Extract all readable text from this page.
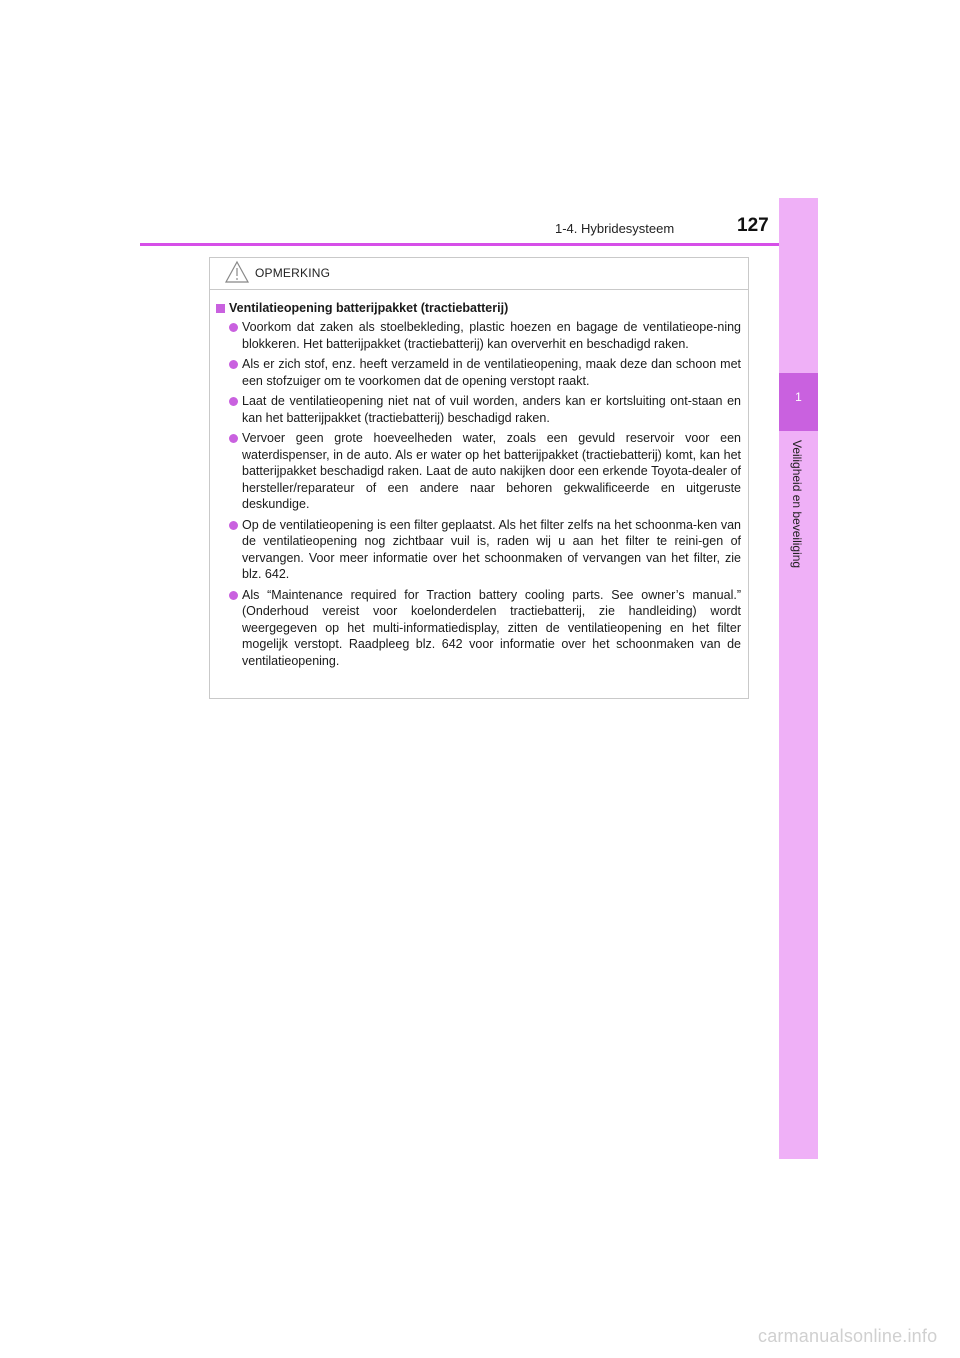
1-4. Hybridesysteem	127
1
Veiligheid en beveiliging
OPMERKING
Ventilatieopening batterijpakket (tractiebatterij)
Voorkom dat zaken als stoelbekleding, plastic hoezen en bagage de ventilatieope-ning blokkeren. Het batterijpakket (tractiebatterij) kan oververhit en beschadigd raken.
Als er zich stof, enz. heeft verzameld in de ventilatieopening, maak deze dan schoon met een stofzuiger om te voorkomen dat de opening verstopt raakt.
Laat de ventilatieopening niet nat of vuil worden, anders kan er kortsluiting ont-staan en kan het batterijpakket (tractiebatterij) beschadigd raken.
Vervoer geen grote hoeveelheden water, zoals een gevuld reservoir voor een waterdispenser, in de auto. Als er water op het batterijpakket (tractiebatterij) komt, kan het batterijpakket beschadigd raken. Laat de auto nakijken door een erkende Toyota-dealer of hersteller/reparateur of een andere naar behoren gekwalificeerde en uitgeruste deskundige.
Op de ventilatieopening is een filter geplaatst. Als het filter zelfs na het schoonma-ken van de ventilatieopening nog zichtbaar vuil is, raden wij u aan het filter te reini-gen of vervangen. Voor meer informatie over het schoonmaken of vervangen van het filter, zie blz. 642.
Als “Maintenance required for Traction battery cooling parts. See owner’s manual.” (Onderhoud vereist voor koelonderdelen tractiebatterij, zie handleiding) wordt weergegeven op het multi-informatiedisplay, zitten de ventilatieopening en het filter mogelijk verstopt. Raadpleeg blz. 642 voor informatie over het schoonmaken van de ventilatieopening.
carmanualsonline.info
